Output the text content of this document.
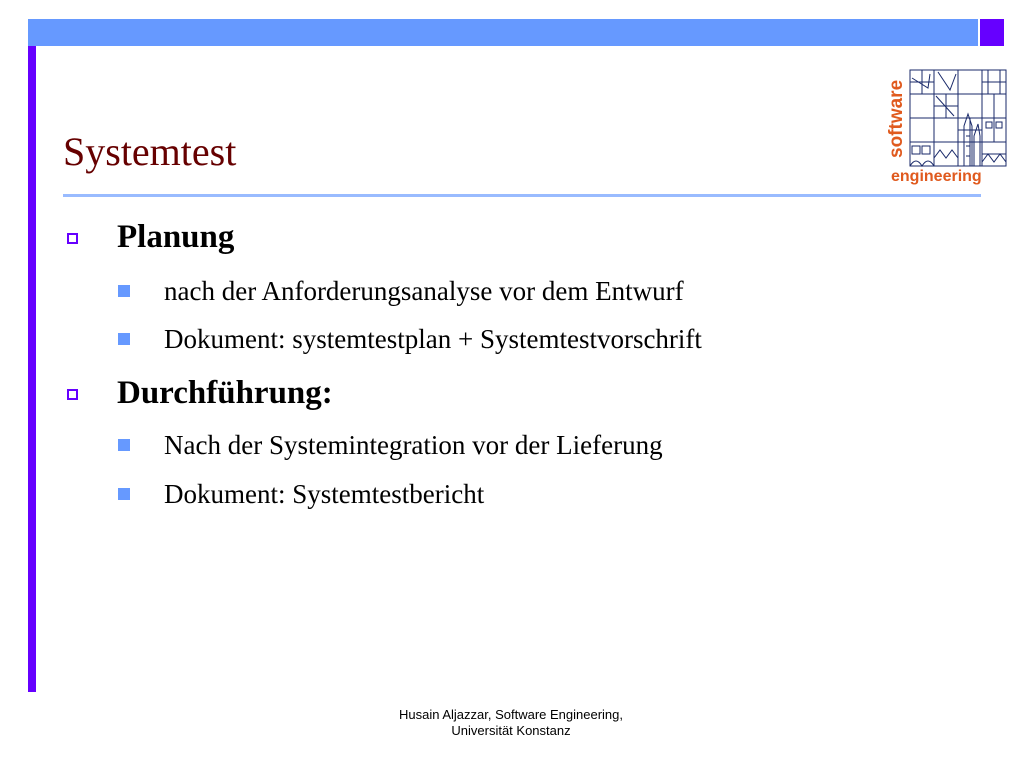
Systemtest	software
engineering
Planung
nach der Anforderungsanalyse vor dem Entwurf
Dokument: systemtestplan + Systemtestvorschrift
Durchführung:
Nach der Systemintegration vor der Lieferung
Dokument: Systemtestbericht
Husain Aljazzar, Software Engineering,
Universität Konstanz
